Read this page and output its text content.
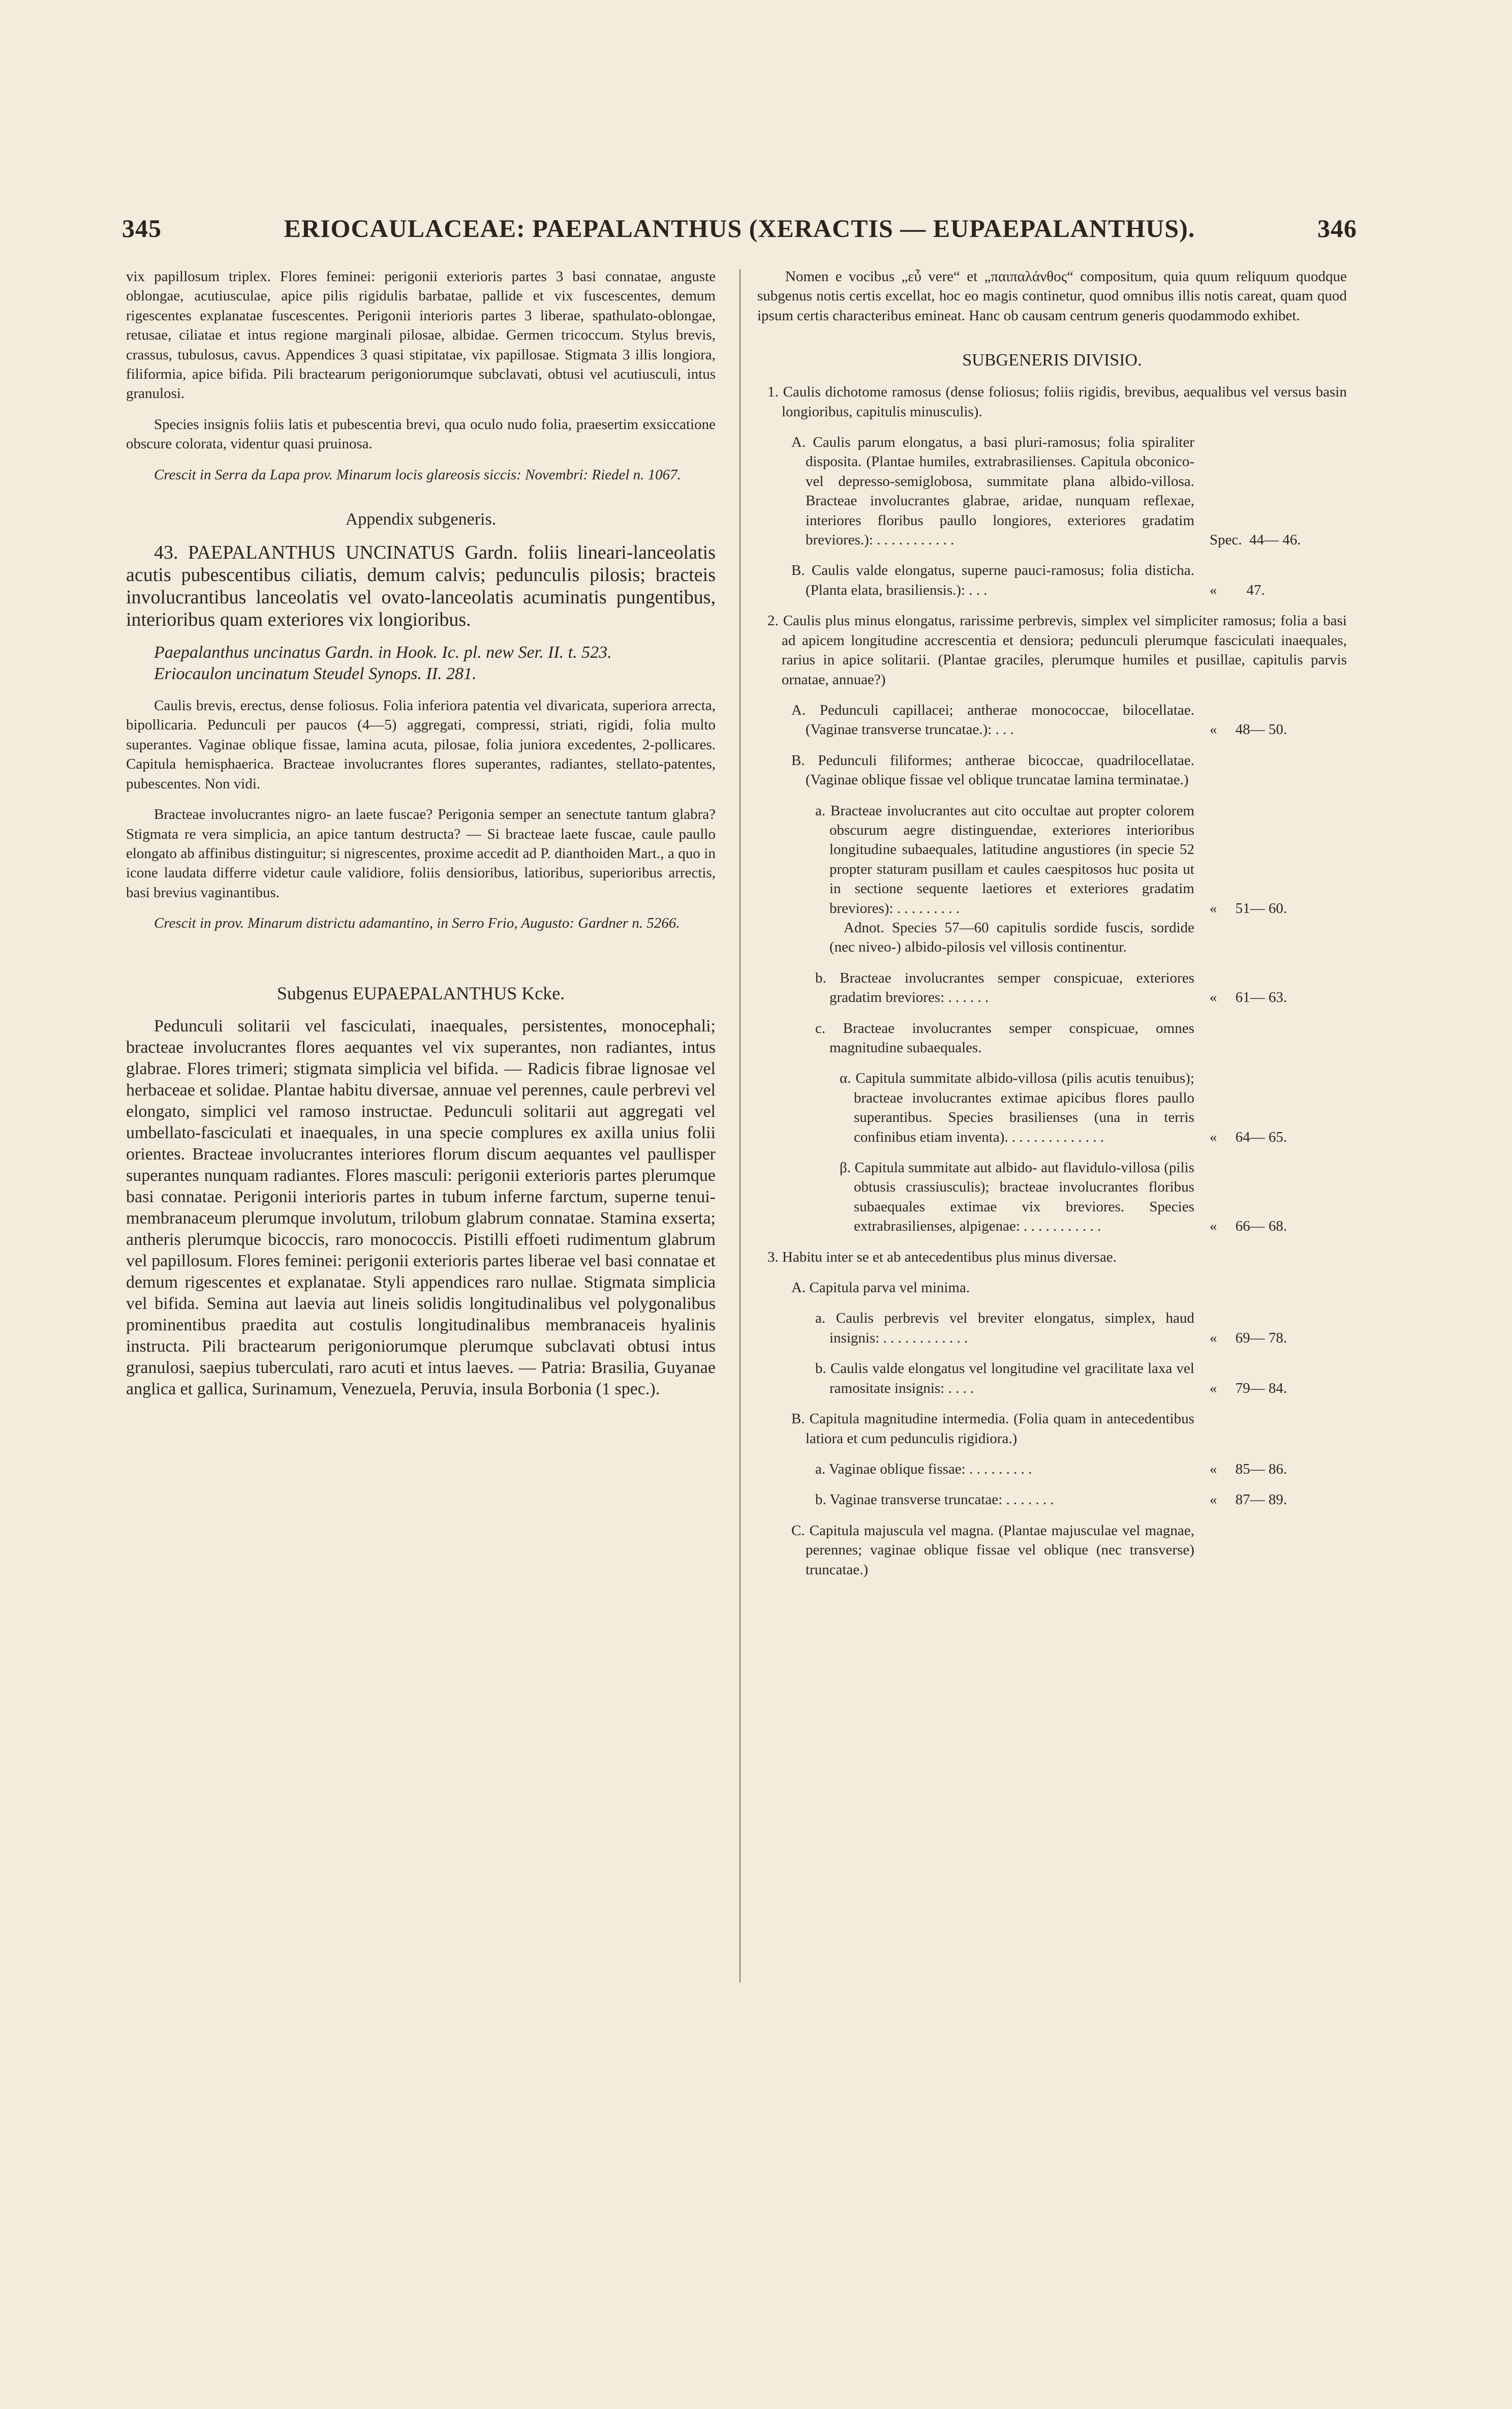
345	ERIOCAULACEAE: PAEPALANTHUS (XERACTIS — EUPAEPALANTHUS).	346

vix papillosum triplex. Flores feminei: perigonii exterioris partes 3 basi connatae, anguste oblongae, acutiusculae, apice pilis rigidulis barbatae, pallide et vix fuscescentes, demum rigescentes explanatae fuscescentes. Perigonii interioris partes 3 liberae, spathulato-oblongae, retusae, ciliatae et intus regione marginali pilosae, albidae. Germen tricoccum. Stylus brevis, crassus, tubulosus, cavus. Appendices 3 quasi stipitatae, vix papillosae. Stigmata 3 illis longiora, filiformia, apice bifida. Pili bractearum perigoniorumque subclavati, obtusi vel acutiusculi, intus granulosi.

Species insignis foliis latis et pubescentia brevi, qua oculo nudo folia, praesertim exsiccatione obscure colorata, videntur quasi pruinosa.

Crescit in Serra da Lapa prov. Minarum locis glareosis siccis: Novembri: Riedel n. 1067.

Appendix subgeneris.

43. PAEPALANTHUS UNCINATUS Gardn. foliis lineari-lanceolatis acutis pubescentibus ciliatis, demum calvis; pedunculis pilosis; bracteis involucrantibus lanceolatis vel ovato-lanceolatis acuminatis pungentibus, interioribus quam exteriores vix longioribus.

Paepalanthus uncinatus Gardn. in Hook. Ic. pl. new Ser. II. t. 523.

Eriocaulon uncinatum Steudel Synops. II. 281.

Caulis brevis, erectus, dense foliosus. Folia inferiora patentia vel divaricata, superiora arrecta, bipollicaria. Pedunculi per paucos (4—5) aggregati, compressi, striati, rigidi, folia multo superantes. Vaginae oblique fissae, lamina acuta, pilosae, folia juniora excedentes, 2-pollicares. Capitula hemisphaerica. Bracteae involucrantes flores superantes, radiantes, stellato-patentes, pubescentes. Non vidi.

Bracteae involucrantes nigro- an laete fuscae? Perigonia semper an senectute tantum glabra? Stigmata re vera simplicia, an apice tantum destructa? — Si bracteae laete fuscae, caule paullo elongato ab affinibus distinguitur; si nigrescentes, proxime accedit ad P. dianthoiden Mart., a quo in icone laudata differre videtur caule validiore, foliis densioribus, latioribus, superioribus arrectis, basi brevius vaginantibus.

Crescit in prov. Minarum districtu adamantino, in Serro Frio, Augusto: Gardner n. 5266.

Subgenus EUPAEPALANTHUS Kcke.

Pedunculi solitarii vel fasciculati, inaequales, persistentes, monocephali; bracteae involucrantes flores aequantes vel vix superantes, non radiantes, intus glabrae. Flores trimeri; stigmata simplicia vel bifida. — Radicis fibrae lignosae vel herbaceae et solidae. Plantae habitu diversae, annuae vel perennes, caule perbrevi vel elongato, simplici vel ramoso instructae. Pedunculi solitarii aut aggregati vel umbellato-fasciculati et inaequales, in una specie complures ex axilla unius folii orientes. Bracteae involucrantes interiores florum discum aequantes vel paullisper superantes nunquam radiantes. Flores masculi: perigonii exterioris partes plerumque basi connatae. Perigonii interioris partes in tubum inferne farctum, superne tenui-membranaceum plerumque involutum, trilobum glabrum connatae. Stamina exserta; antheris plerumque bicoccis, raro monococcis. Pistilli effoeti rudimentum glabrum vel papillosum. Flores feminei: perigonii exterioris partes liberae vel basi connatae et demum rigescentes et explanatae. Styli appendices raro nullae. Stigmata simplicia vel bifida. Semina aut laevia aut lineis solidis longitudinalibus vel polygonalibus prominentibus praedita aut costulis longitudinalibus membranaceis hyalinis instructa. Pili bractearum perigoniorumque plerumque subclavati obtusi intus granulosi, saepius tuberculati, raro acuti et intus laeves. — Patria: Brasilia, Guyanae anglica et gallica, Surinamum, Venezuela, Peruvia, insula Borbonia (1 spec.).

Nomen e vocibus „εὖ vere“ et „παιπαλάνθος“ compositum, quia quum reliquum quodque subgenus notis certis excellat, hoc eo magis continetur, quod omnibus illis notis careat, quam quod ipsum certis characteribus emineat. Hanc ob causam centrum generis quodammodo exhibet.

SUBGENERIS DIVISIO.

1. Caulis dichotome ramosus (dense foliosus; foliis rigidis, brevibus, aequalibus vel versus basin longioribus, capitulis minusculis).

A. Caulis parum elongatus, a basi pluri-ramosus; folia spiraliter disposita. (Plantae humiles, extrabrasilienses. Capitula obconico- vel depresso-semiglobosa, summitate plana albido-villosa. Bracteae involucrantes glabrae, aridae, nunquam reflexae, interiores floribus paullo longiores, exteriores gradatim breviores.): . . . . . . . . . . .	Spec.  44— 46.
B. Caulis valde elongatus, superne pauci-ramosus; folia disticha. (Planta elata, brasiliensis.): . . .	«        47.

2. Caulis plus minus elongatus, rarissime perbrevis, simplex vel simpliciter ramosus; folia a basi ad apicem longitudine accrescentia et densiora; pedunculi plerumque fasciculati inaequales, rarius in apice solitarii. (Plantae graciles, plerumque humiles et pusillae, capitulis parvis ornatae, annuae?)

A. Pedunculi capillacei; antherae monococcae, bilocellatae. (Vaginae transverse truncatae.): . . .	«     48— 50.

B. Pedunculi filiformes; antherae bicoccae, quadrilocellatae. (Vaginae oblique fissae vel oblique truncatae lamina terminatae.)

a. Bracteae involucrantes aut cito occultae aut propter colorem obscurum aegre distinguendae, exteriores interioribus longitudine subaequales, latitudine angustiores (in specie 52 propter staturam pusillam et caules caespitosos huc posita ut in sectione sequente laetiores et exteriores gradatim breviores): . . . . . . . . .	«     51— 60.

Adnot. Species 57—60 capitulis sordide fuscis, sordide (nec niveo-) albido-pilosis vel villosis continentur.

b. Bracteae involucrantes semper conspicuae, exteriores gradatim breviores: . . . . . .	«     61— 63.

c. Bracteae involucrantes semper conspicuae, omnes magnitudine subaequales.

α. Capitula summitate albido-villosa (pilis acutis tenuibus); bracteae involucrantes extimae apicibus flores paullo superantibus. Species brasilienses (una in terris confinibus etiam inventa). . . . . . . . . . . . . .	«     64— 65.
β. Capitula summitate aut albido- aut flavidulo-villosa (pilis obtusis crassiusculis); bracteae involucrantes floribus subaequales extimae vix breviores. Species extrabrasilienses, alpigenae: . . . . . . . . . . .	«     66— 68.

3. Habitu inter se et ab antecedentibus plus minus diversae.

A. Capitula parva vel minima.

a. Caulis perbrevis vel breviter elongatus, simplex, haud insignis: . . . . . . . . . . . .	«     69— 78.
b. Caulis valde elongatus vel longitudine vel gracilitate laxa vel ramositate insignis: . . . .	«     79— 84.

B. Capitula magnitudine intermedia. (Folia quam in antecedentibus latiora et cum pedunculis rigidiora.)

a. Vaginae oblique fissae: . . . . . . . . .	«     85— 86.
b. Vaginae transverse truncatae: . . . . . . .	«     87— 89.

C. Capitula majuscula vel magna. (Plantae majusculae vel magnae, perennes; vaginae oblique fissae vel oblique (nec transverse) truncatae.)
